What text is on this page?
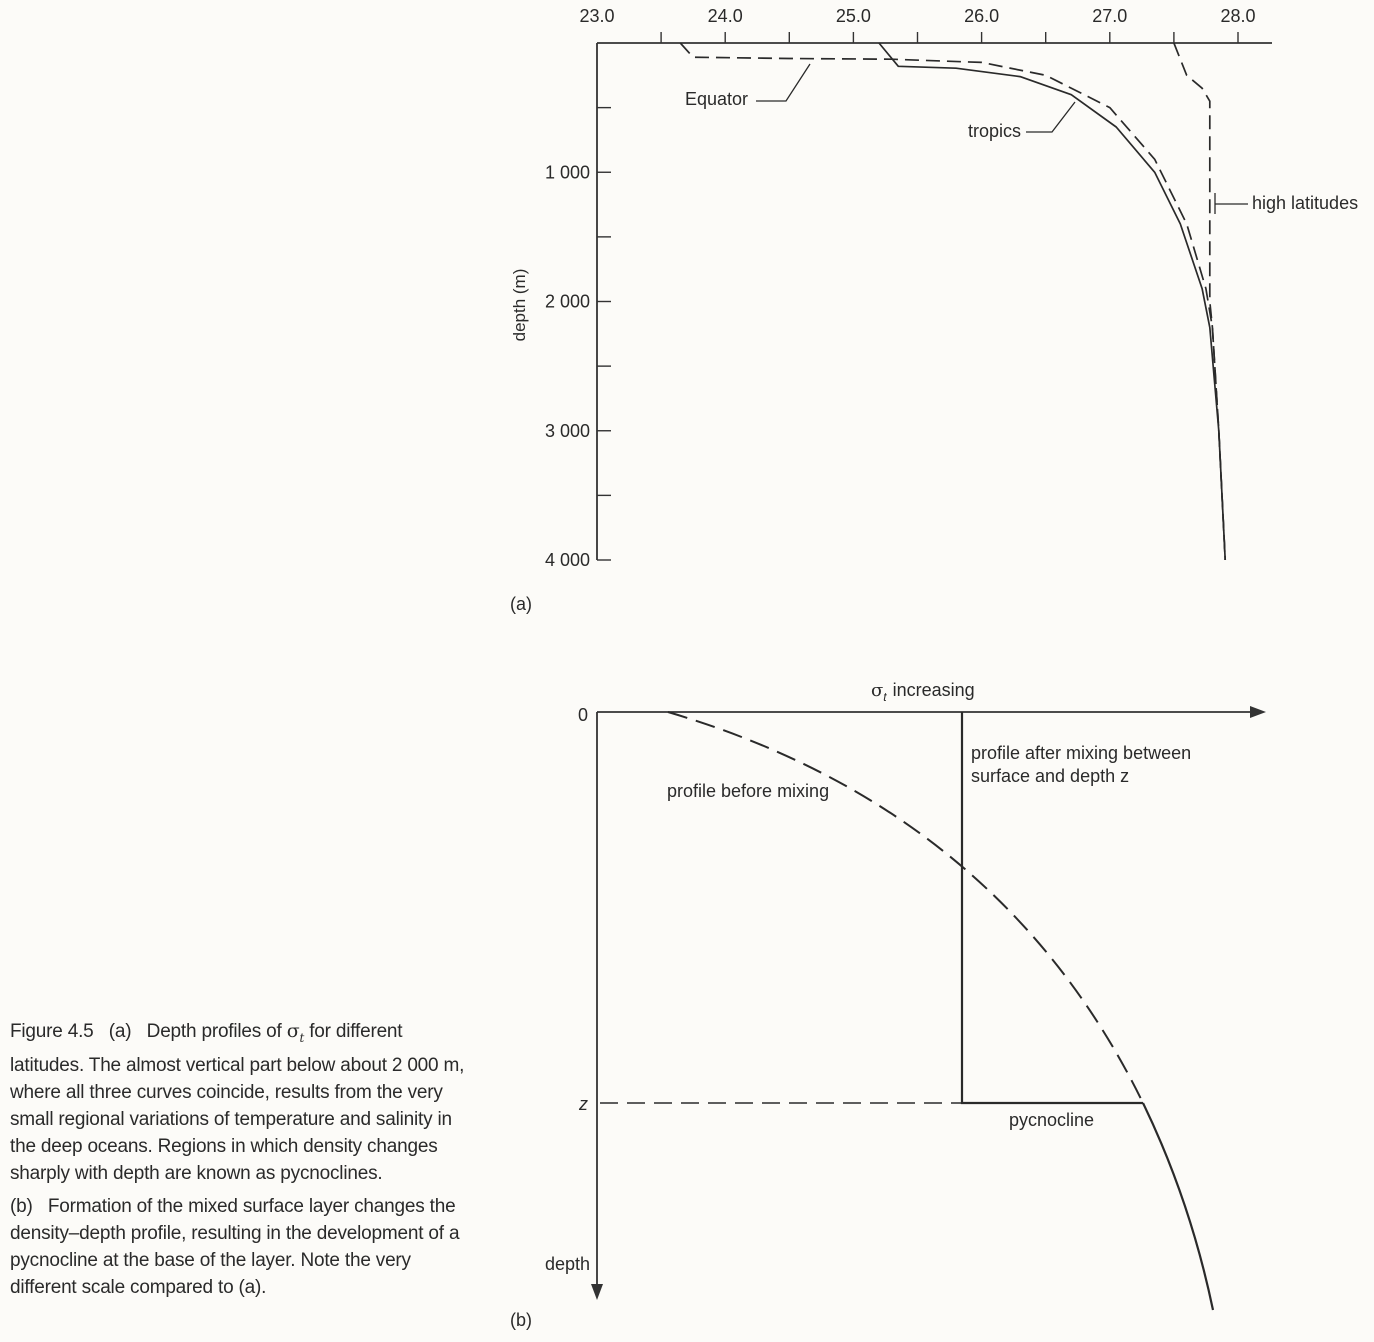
23.0	24.0	25.0	26.0	27.0	28.0
1 000
2 000
3 000
4 000
Equator
tropics
high latitudes
depth (m)
(a)
$\sigma_t$ increasing
0
z
depth
profile before mixing
profile after mixing between
surface and depth z
pycnocline
(b)

Figure 4.5 (a) Depth profiles of $\sigma_t$ for different latitudes. The almost vertical part below about 2 000 m, where all three curves coincide, results from the very small regional variations of temperature and salinity in the deep oceans. Regions in which density changes sharply with depth are known as pycnoclines.

(b) Formation of the mixed surface layer changes the density–depth profile, resulting in the development of a pycnocline at the base of the layer. Note the very different scale compared to (a).
